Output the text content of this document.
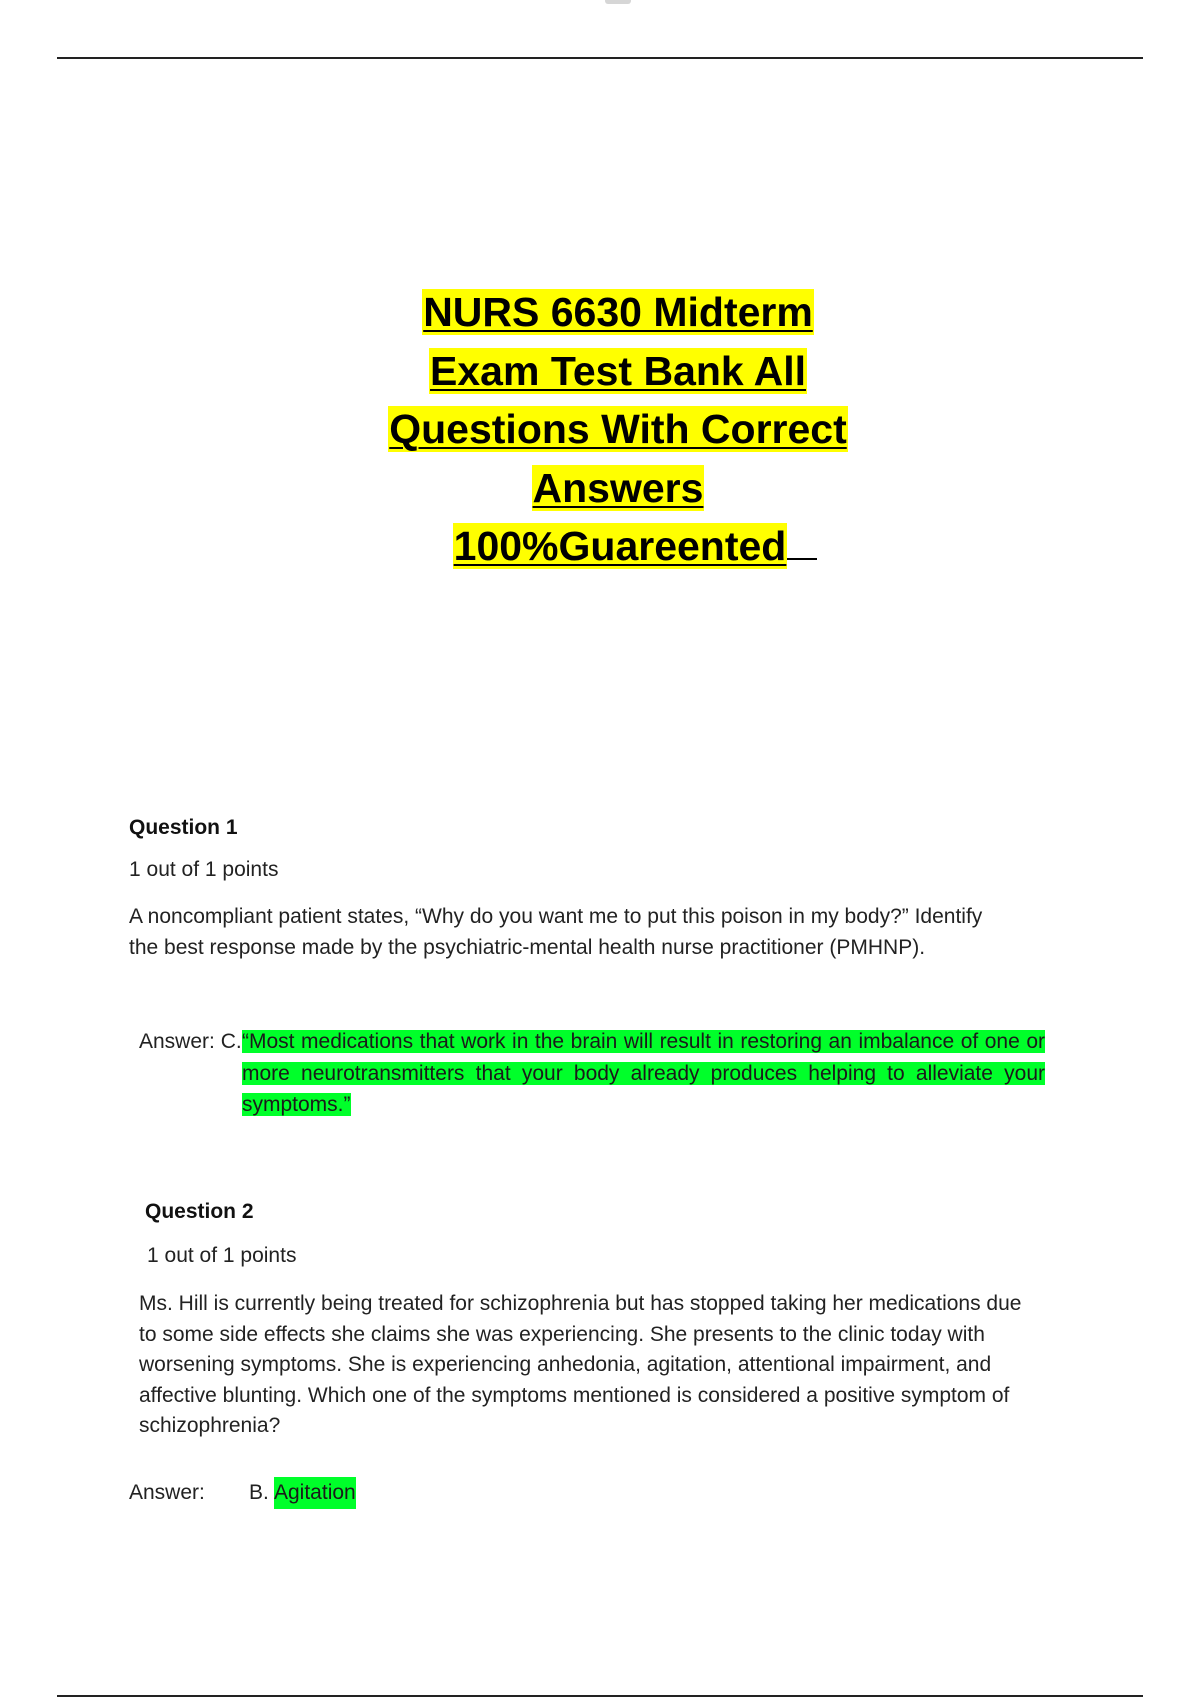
NURS 6630 Midterm
Exam Test Bank All
Questions With Correct
Answers
100%Guareented
Question 1
1 out of 1 points
A noncompliant patient states, “Why do you want me to put this poison in my body?” Identify the best response made by the psychiatric-mental health nurse practitioner (PMHNP).
Answer: C. “Most medications that work in the brain will result in restoring an imbalance of one or more neurotransmitters that your body already produces helping to alleviate your symptoms.”
Question 2
1 out of 1 points
Ms. Hill is currently being treated for schizophrenia but has stopped taking her medications due to some side effects she claims she was experiencing. She presents to the clinic today with worsening symptoms. She is experiencing anhedonia, agitation, attentional impairment, and affective blunting. Which one of the symptoms mentioned is considered a positive symptom of schizophrenia?
Answer: B. Agitation
